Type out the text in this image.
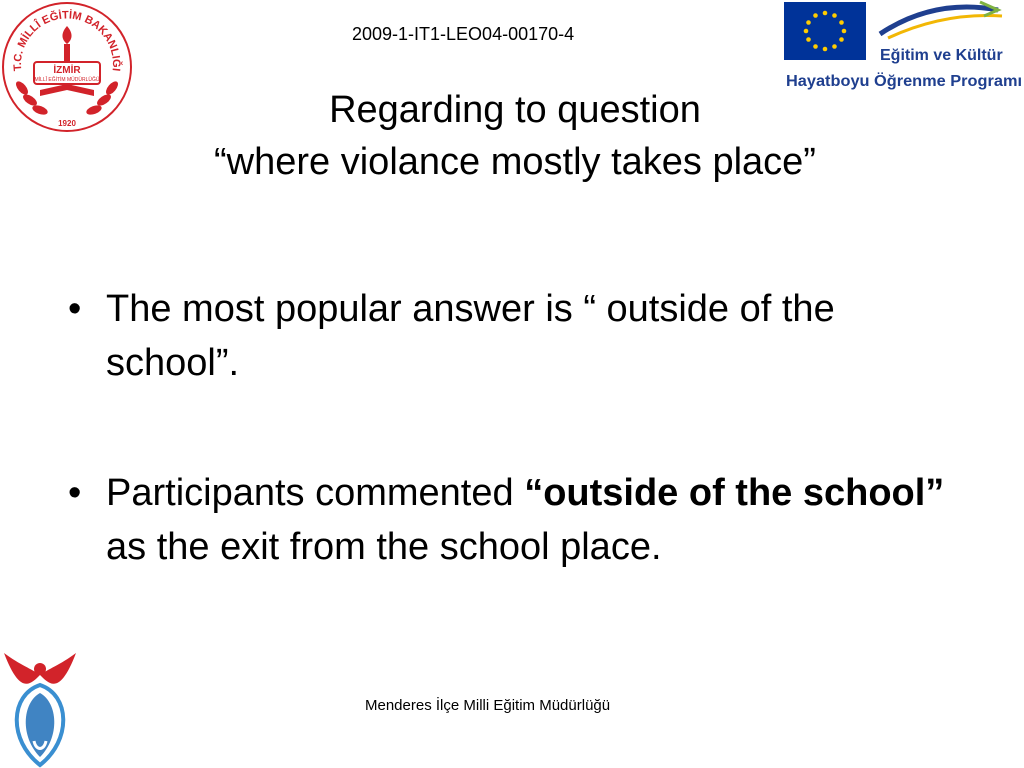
T.C. MİLLÎ EĞİTİM BAKANLIĞI
İZMİR
MİLLÎ EĞİTİM MÜDÜRLÜĞÜ
1920
2009-1-IT1-LEO04-00170-4
Eğitim ve Kültür
Hayatboyu Öğrenme Programı
Regarding to question
“where violance mostly takes place”
• The most popular answer is “ outside of the school”.
• Participants commented “outside of the school” as the exit from the school place.
Menderes İlçe Milli Eğitim Müdürlüğü
